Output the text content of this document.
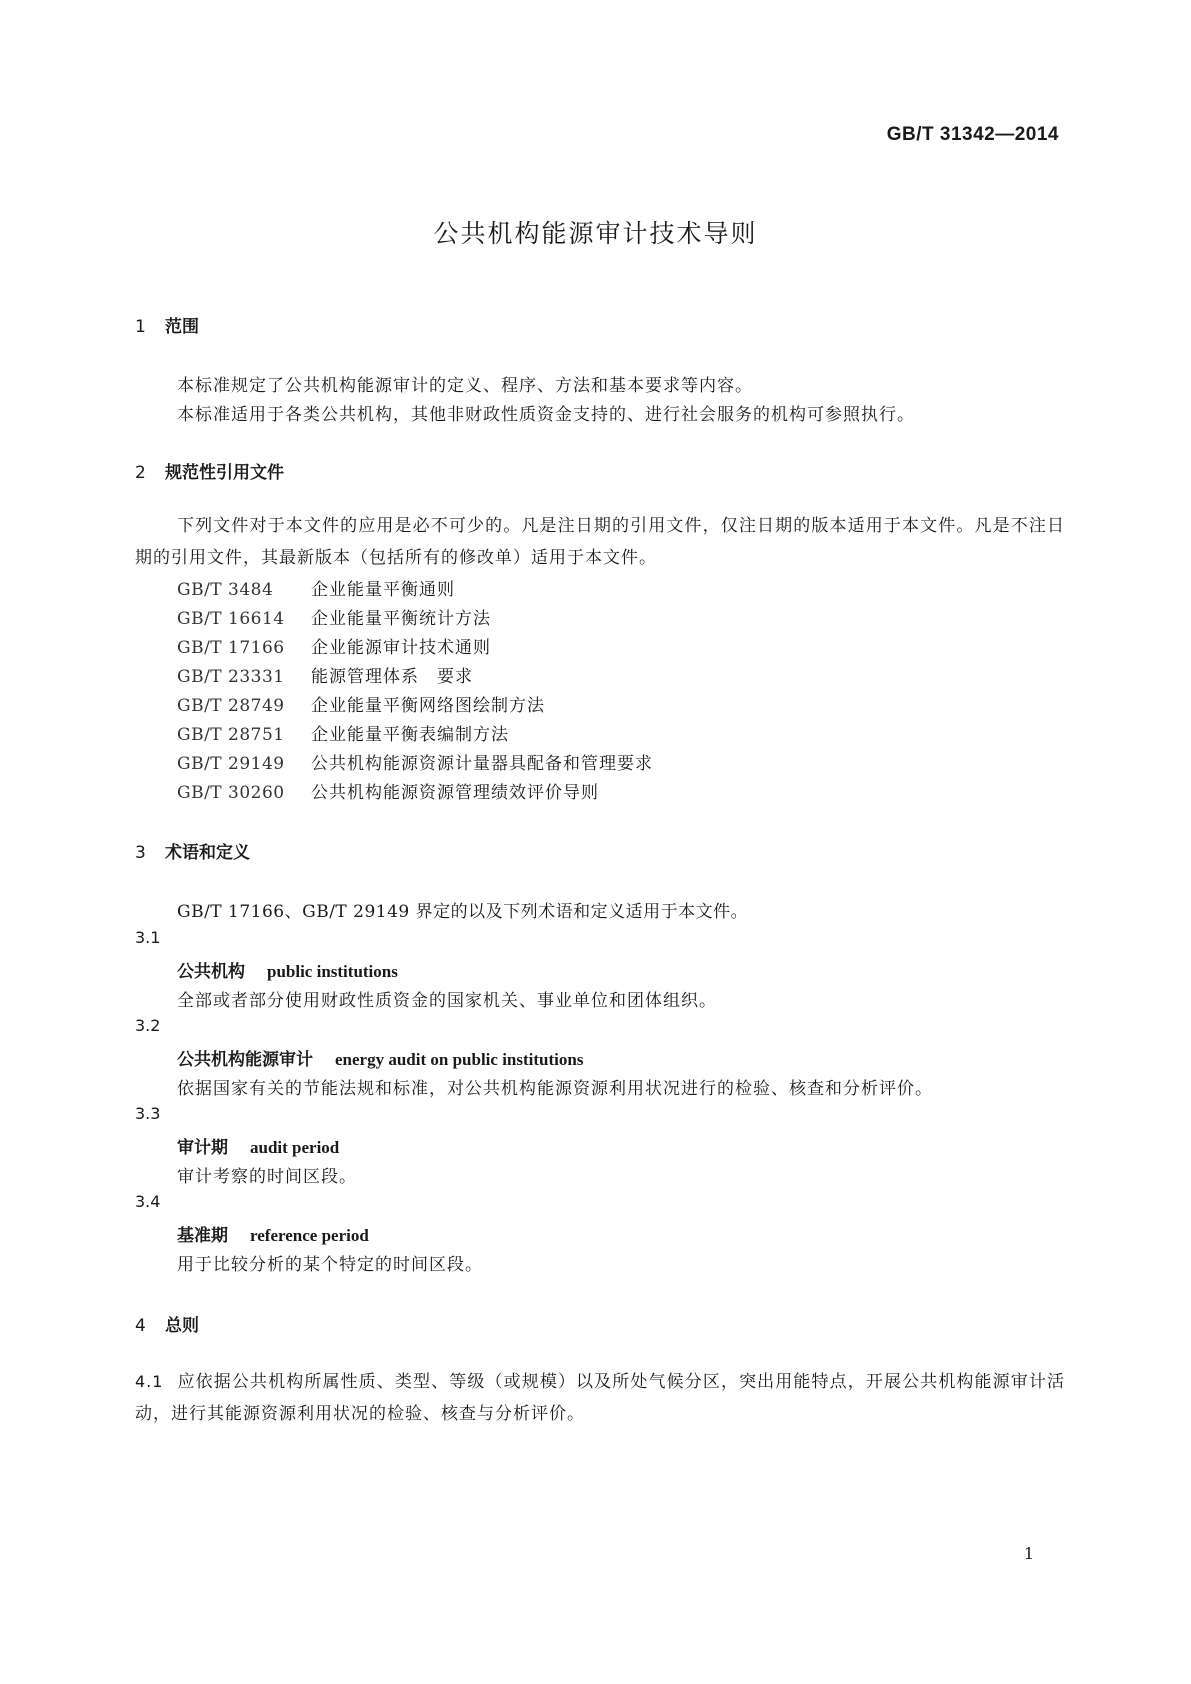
GB/T 31342—2014
公共机构能源审计技术导则
1 范围
本标准规定了公共机构能源审计的定义、程序、方法和基本要求等内容。
本标准适用于各类公共机构，其他非财政性质资金支持的、进行社会服务的机构可参照执行。
2 规范性引用文件
下列文件对于本文件的应用是必不可少的。凡是注日期的引用文件，仅注日期的版本适用于本文件。凡是不注日期的引用文件，其最新版本（包括所有的修改单）适用于本文件。
GB/T 3484 企业能量平衡通则
GB/T 16614 企业能量平衡统计方法
GB/T 17166 企业能源审计技术通则
GB/T 23331 能源管理体系　要求
GB/T 28749 企业能量平衡网络图绘制方法
GB/T 28751 企业能量平衡表编制方法
GB/T 29149 公共机构能源资源计量器具配备和管理要求
GB/T 30260 公共机构能源资源管理绩效评价导则
3 术语和定义
GB/T 17166、GB/T 29149 界定的以及下列术语和定义适用于本文件。
3.1
公共机构 public institutions
全部或者部分使用财政性质资金的国家机关、事业单位和团体组织。
3.2
公共机构能源审计 energy audit on public institutions
依据国家有关的节能法规和标准，对公共机构能源资源利用状况进行的检验、核查和分析评价。
3.3
审计期 audit period
审计考察的时间区段。
3.4
基准期 reference period
用于比较分析的某个特定的时间区段。
4 总则
4.1 应依据公共机构所属性质、类型、等级（或规模）以及所处气候分区，突出用能特点，开展公共机构能源审计活动，进行其能源资源利用状况的检验、核查与分析评价。
1
